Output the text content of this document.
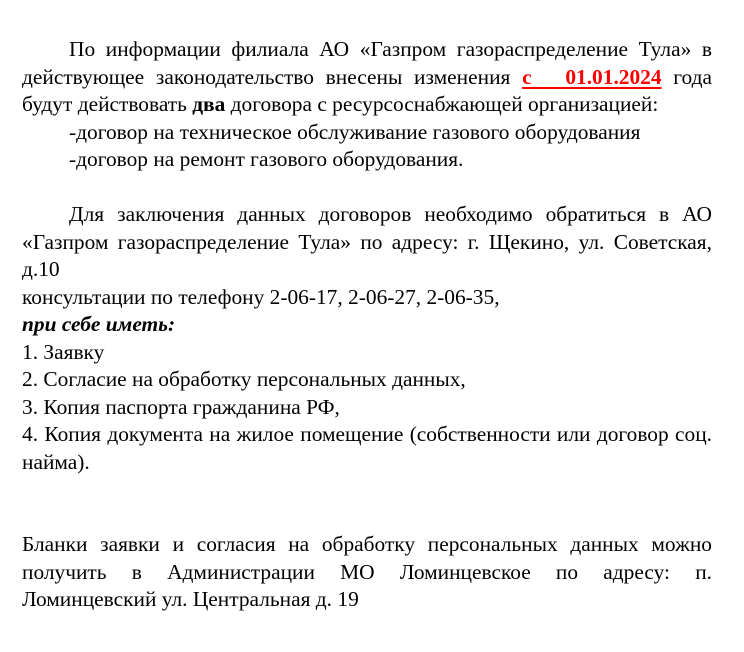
По информации филиала АО «Газпром газораспределение Тула» в действующее законодательство внесены изменения с 01.01.2024 года будут действовать два договора с ресурсоснабжающей организацией:

-договор на техническое обслуживание газового оборудования

-договор на ремонт газового оборудования.

Для заключения данных договоров необходимо обратиться в АО «Газпром газораспределение Тула» по адресу: г. Щекино, ул. Советская, д.10

консультации по телефону 2-06-17, 2-06-27, 2-06-35,

при себе иметь:

1. Заявку

2. Согласие на обработку персональных данных,

3. Копия паспорта гражданина РФ,

4. Копия документа на жилое помещение (собственности или договор соц. найма).

Бланки заявки и согласия на обработку персональных данных можно получить в Администрации МО Ломинцевское по адресу: п. Ломинцевский ул. Центральная д. 19
